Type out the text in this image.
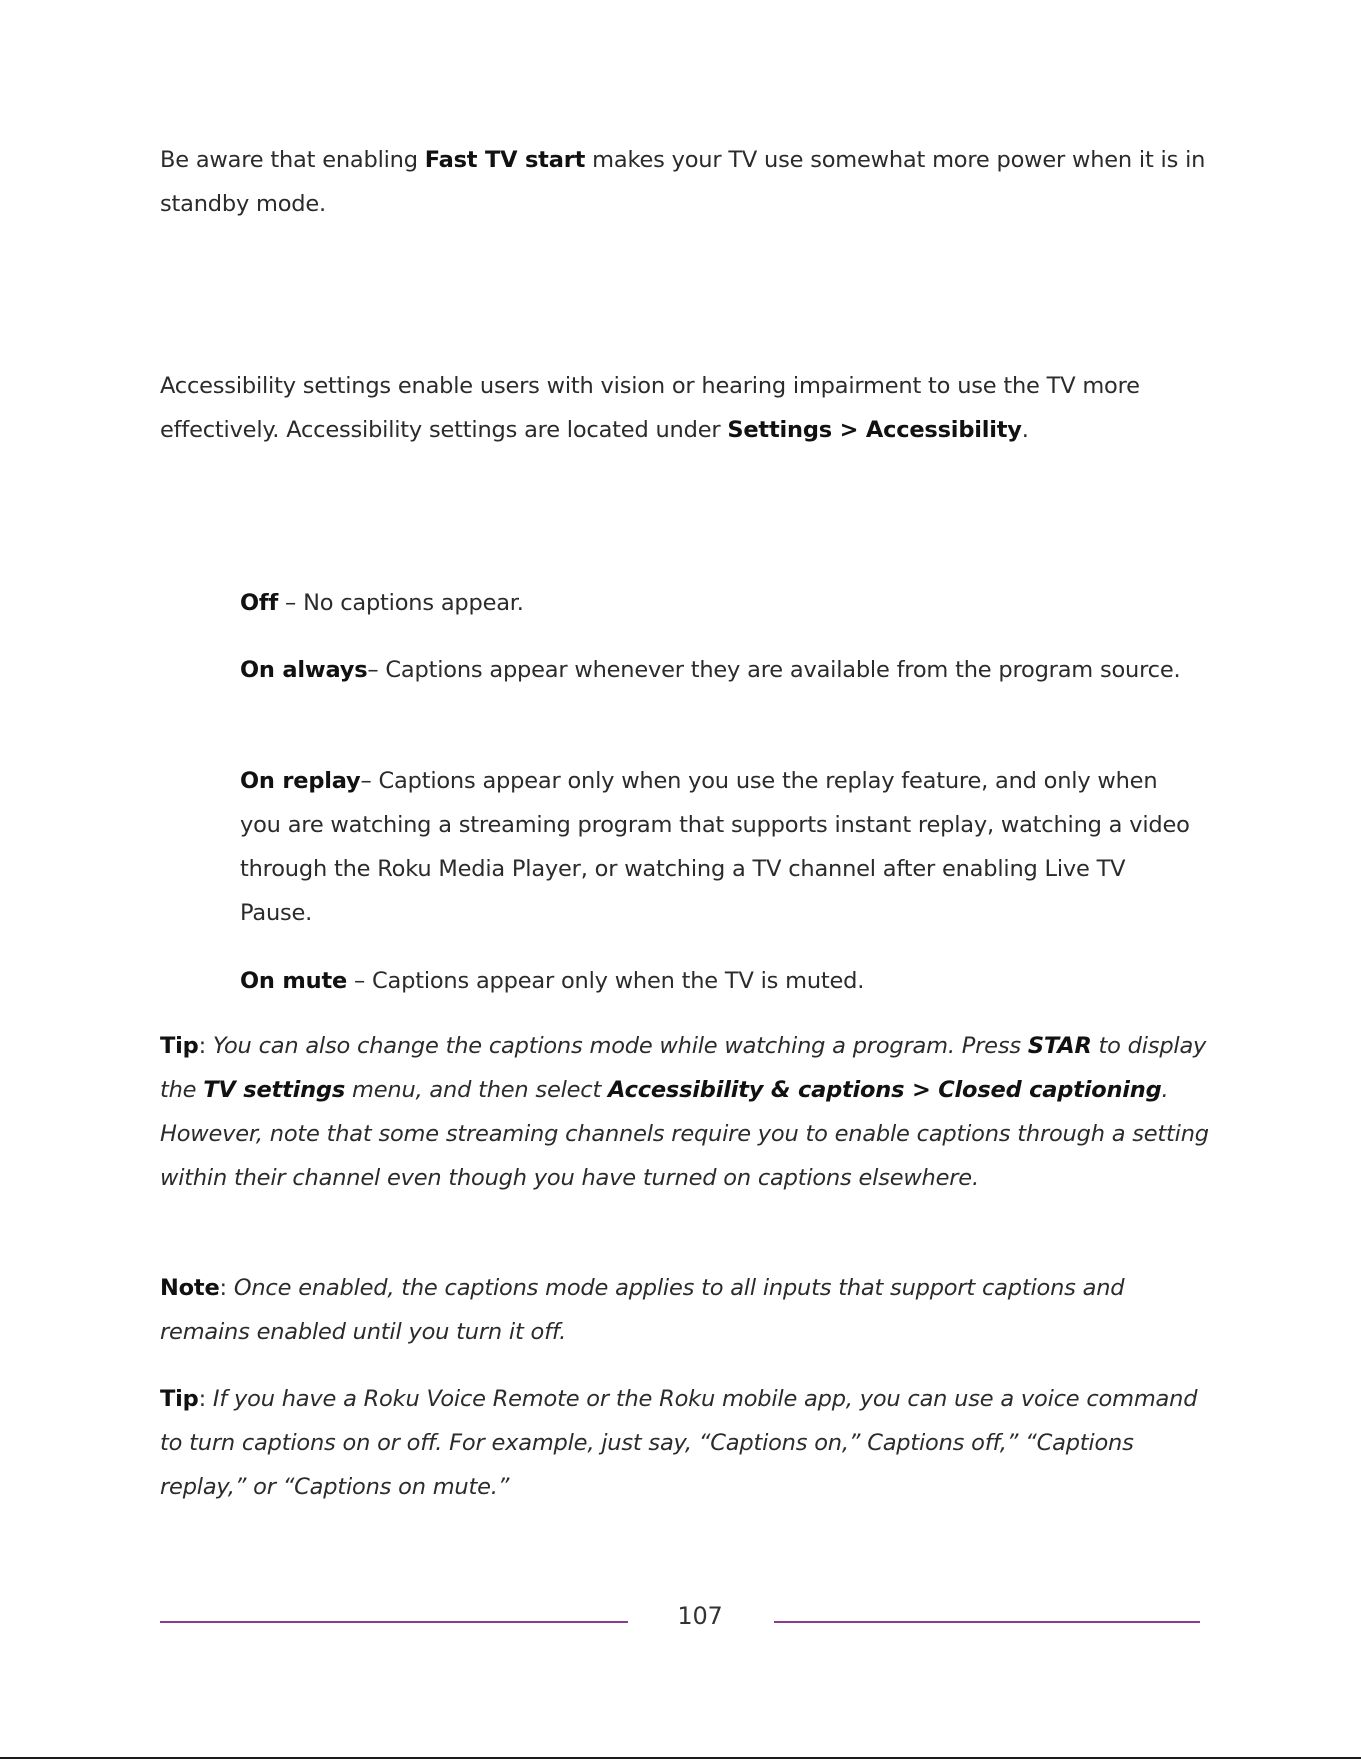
Be aware that enabling Fast TV start makes your TV use somewhat more power when it is in standby mode.

Accessibility settings enable users with vision or hearing impairment to use the TV more effectively. Accessibility settings are located under Settings > Accessibility.

Off – No captions appear.

On always– Captions appear whenever they are available from the program source.

On replay– Captions appear only when you use the replay feature, and only when you are watching a streaming program that supports instant replay, watching a video through the Roku Media Player, or watching a TV channel after enabling Live TV Pause.

On mute – Captions appear only when the TV is muted.

Tip: You can also change the captions mode while watching a program. Press STAR to display the TV settings menu, and then select Accessibility & captions > Closed captioning. However, note that some streaming channels require you to enable captions through a setting within their channel even though you have turned on captions elsewhere.

Note: Once enabled, the captions mode applies to all inputs that support captions and remains enabled until you turn it off.

Tip: If you have a Roku Voice Remote or the Roku mobile app, you can use a voice command to turn captions on or off. For example, just say, “Captions on,” Captions off,” “Captions replay,” or “Captions on mute.”

107
